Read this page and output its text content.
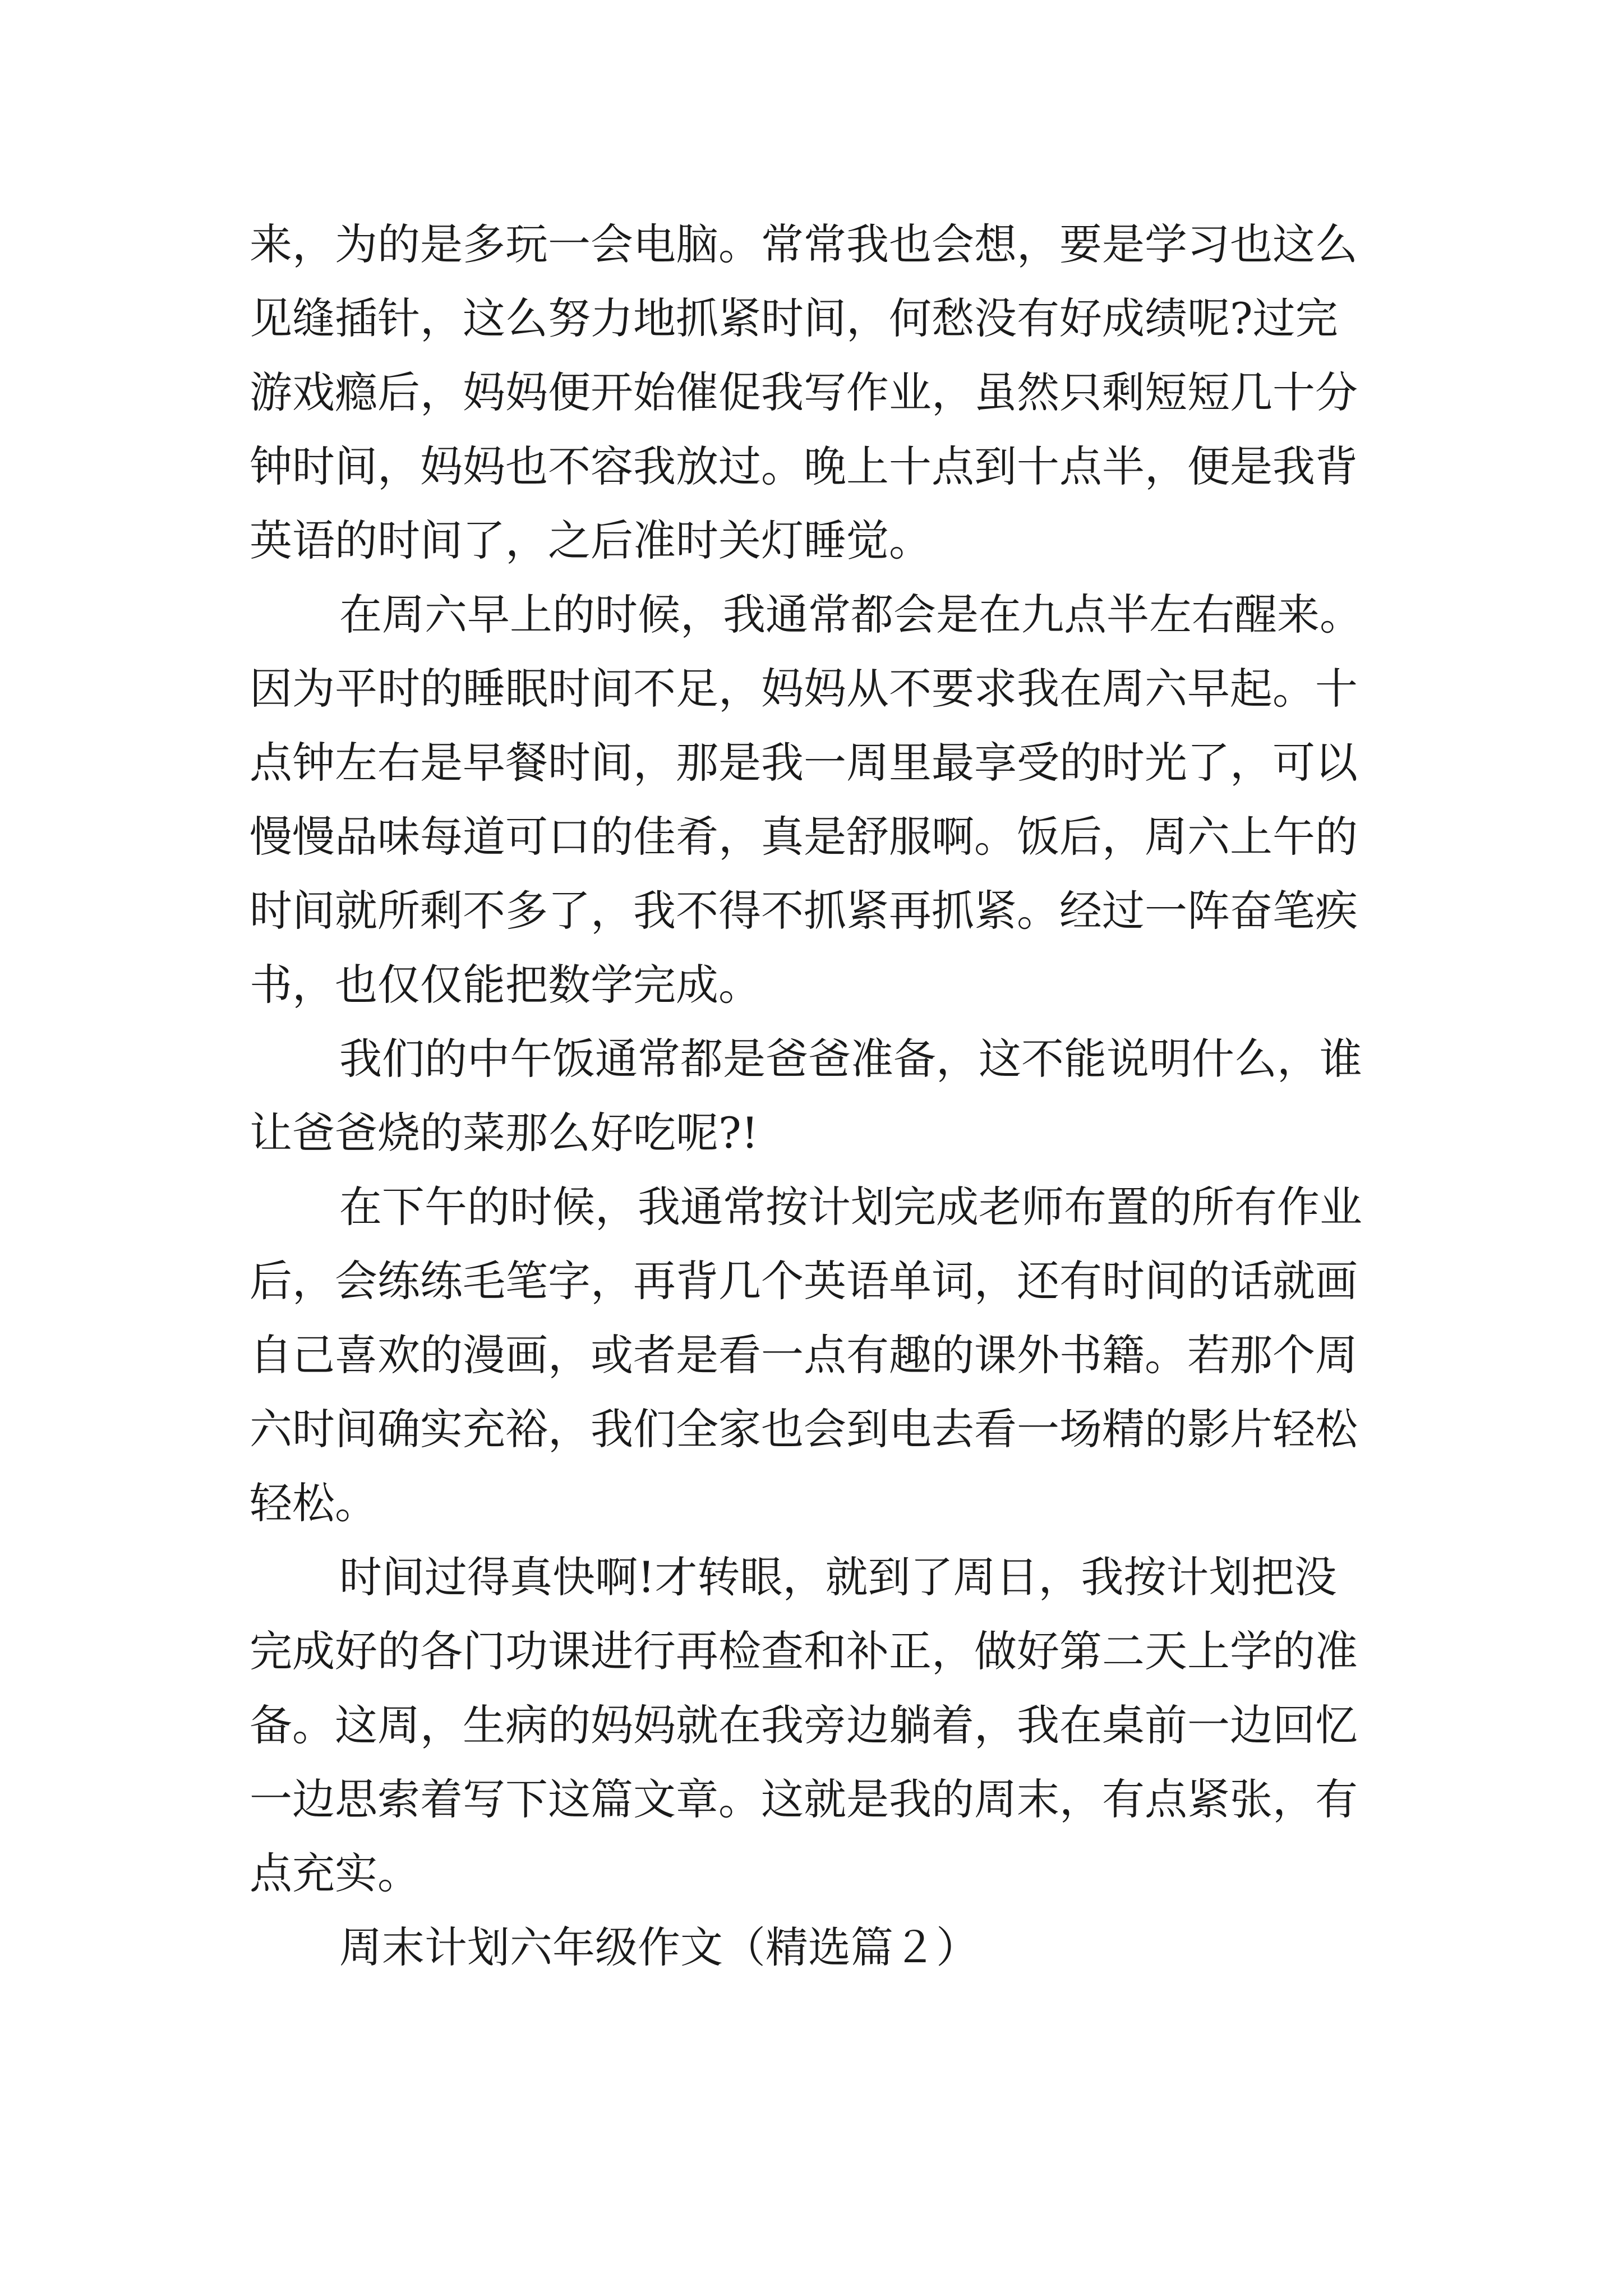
来，为的是多玩一会电脑。常常我也会想，要是学习也这么
见缝插针，这么努力地抓紧时间，何愁没有好成绩呢?过完
游戏瘾后，妈妈便开始催促我写作业，虽然只剩短短几十分
钟时间，妈妈也不容我放过。晚上十点到十点半，便是我背
英语的时间了，之后准时关灯睡觉。
在周六早上的时候，我通常都会是在九点半左右醒来。
因为平时的睡眠时间不足，妈妈从不要求我在周六早起。十
点钟左右是早餐时间，那是我一周里最享受的时光了，可以
慢慢品味每道可口的佳肴，真是舒服啊。饭后，周六上午的
时间就所剩不多了，我不得不抓紧再抓紧。经过一阵奋笔疾
书，也仅仅能把数学完成。
我们的中午饭通常都是爸爸准备，这不能说明什么，谁
让爸爸烧的菜那么好吃呢?!
在下午的时候，我通常按计划完成老师布置的所有作业
后，会练练毛笔字，再背几个英语单词，还有时间的话就画
自己喜欢的漫画，或者是看一点有趣的课外书籍。若那个周
六时间确实充裕，我们全家也会到电去看一场精的影片轻松
轻松。
时间过得真快啊!才转眼，就到了周日，我按计划把没
完成好的各门功课进行再检查和补正，做好第二天上学的准
备。这周，生病的妈妈就在我旁边躺着，我在桌前一边回忆
一边思索着写下这篇文章。这就是我的周末，有点紧张，有
点充实。
周末计划六年级作文（精选篇２）
